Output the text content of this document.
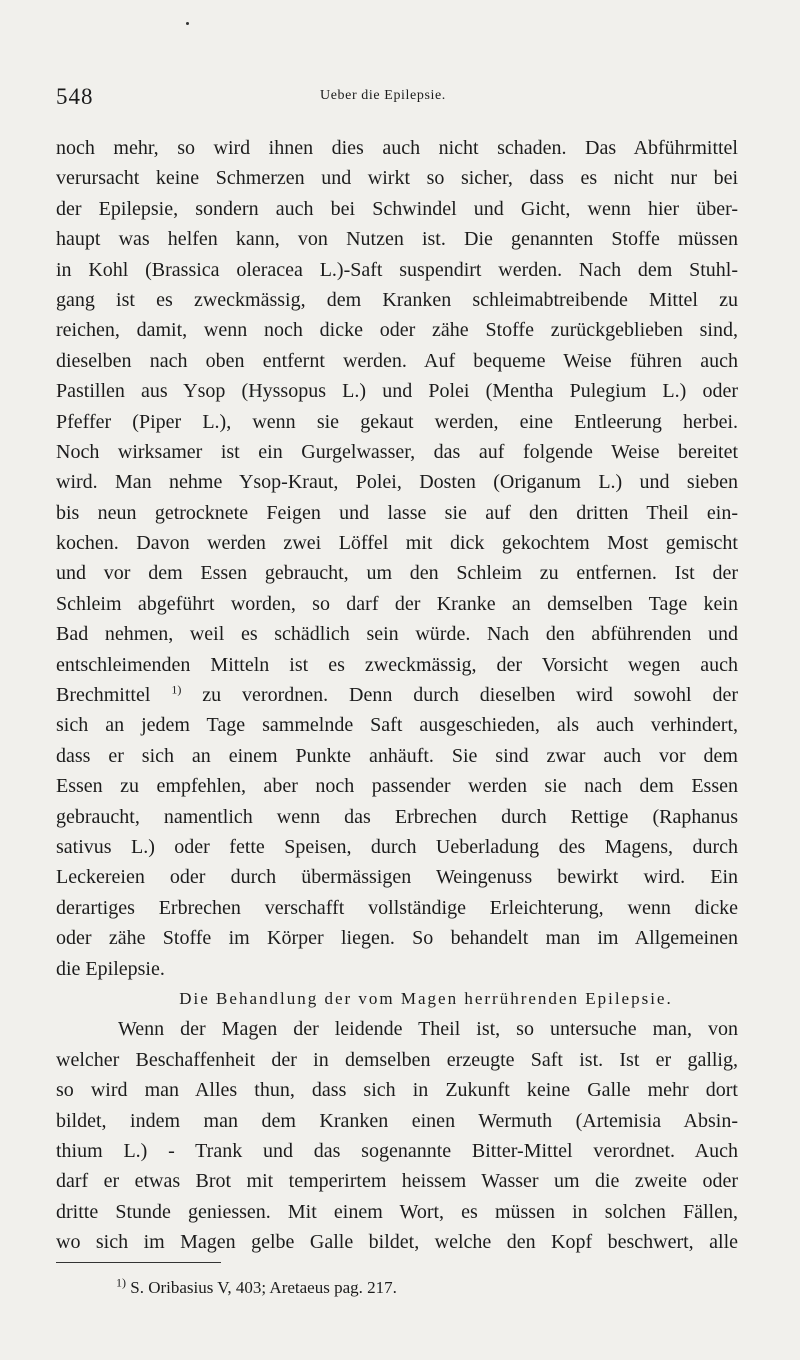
548	Ueber die Epilepsie.
noch mehr, so wird ihnen dies auch nicht schaden. Das Abführmittel
verursacht keine Schmerzen und wirkt so sicher, dass es nicht nur bei
der Epilepsie, sondern auch bei Schwindel und Gicht, wenn hier über-
haupt was helfen kann, von Nutzen ist. Die genannten Stoffe müssen
in Kohl (Brassica oleracea L.)-Saft suspendirt werden. Nach dem Stuhl-
gang ist es zweckmässig, dem Kranken schleimabtreibende Mittel zu
reichen, damit, wenn noch dicke oder zähe Stoffe zurückgeblieben sind,
dieselben nach oben entfernt werden. Auf bequeme Weise führen auch
Pastillen aus Ysop (Hyssopus L.) und Polei (Mentha Pulegium L.) oder
Pfeffer (Piper L.), wenn sie gekaut werden, eine Entleerung herbei.
Noch wirksamer ist ein Gurgelwasser, das auf folgende Weise bereitet
wird. Man nehme Ysop-Kraut, Polei, Dosten (Origanum L.) und sieben
bis neun getrocknete Feigen und lasse sie auf den dritten Theil ein-
kochen. Davon werden zwei Löffel mit dick gekochtem Most gemischt
und vor dem Essen gebraucht, um den Schleim zu entfernen. Ist der
Schleim abgeführt worden, so darf der Kranke an demselben Tage kein
Bad nehmen, weil es schädlich sein würde. Nach den abführenden und
entschleimenden Mitteln ist es zweckmässig, der Vorsicht wegen auch
Brechmittel $^{1)}$ zu verordnen. Denn durch dieselben wird sowohl der
sich an jedem Tage sammelnde Saft ausgeschieden, als auch verhindert,
dass er sich an einem Punkte anhäuft. Sie sind zwar auch vor dem
Essen zu empfehlen, aber noch passender werden sie nach dem Essen
gebraucht, namentlich wenn das Erbrechen durch Rettige (Raphanus
sativus L.) oder fette Speisen, durch Ueberladung des Magens, durch
Leckereien oder durch übermässigen Weingenuss bewirkt wird. Ein
derartiges Erbrechen verschafft vollständige Erleichterung, wenn dicke
oder zähe Stoffe im Körper liegen. So behandelt man im Allgemeinen
die Epilepsie.
Die Behandlung der vom Magen herrührenden Epilepsie.
Wenn der Magen der leidende Theil ist, so untersuche man, von
welcher Beschaffenheit der in demselben erzeugte Saft ist. Ist er gallig,
so wird man Alles thun, dass sich in Zukunft keine Galle mehr dort
bildet, indem man dem Kranken einen Wermuth (Artemisia Absin-
thium L.) - Trank und das sogenannte Bitter-Mittel verordnet. Auch
darf er etwas Brot mit temperirtem heissem Wasser um die zweite oder
dritte Stunde geniessen. Mit einem Wort, es müssen in solchen Fällen,
wo sich im Magen gelbe Galle bildet, welche den Kopf beschwert, alle
$^{1)}$ S. Oribasius V, 403; Aretaeus pag. 217.
